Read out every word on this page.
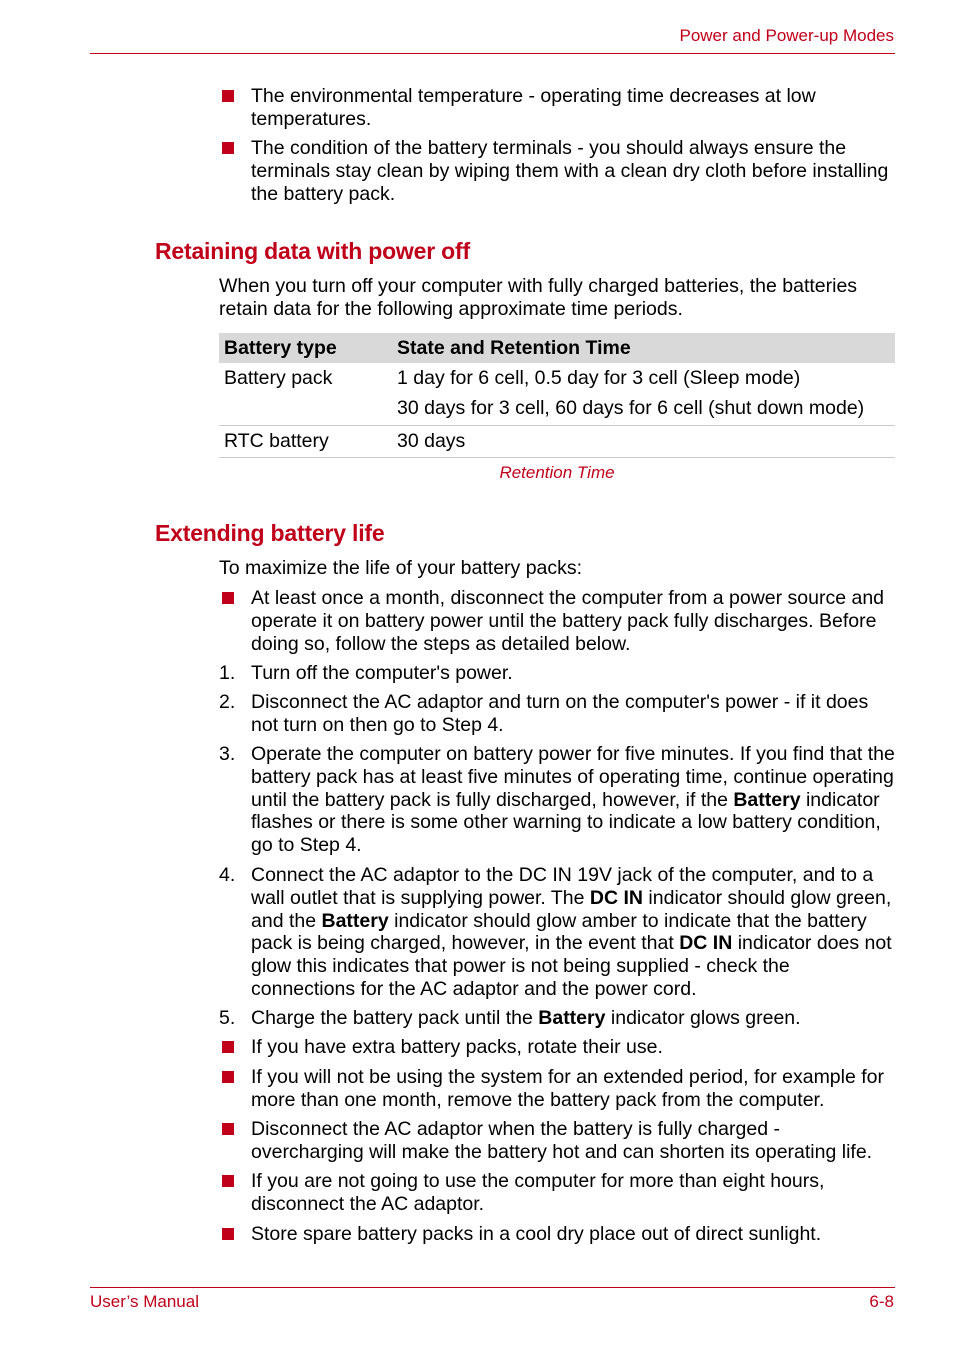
Power and Power-up Modes
The environmental temperature - operating time decreases at low temperatures.
The condition of the battery terminals - you should always ensure the terminals stay clean by wiping them with a clean dry cloth before installing the battery pack.
Retaining data with power off
When you turn off your computer with fully charged batteries, the batteries retain data for the following approximate time periods.
Battery type	State and Retention Time

Battery pack	1 day for 6 cell, 0.5 day for 3 cell (Sleep mode)
30 days for 3 cell, 60 days for 6 cell (shut down mode)

RTC battery	30 days
Retention Time
Extending battery life
To maximize the life of your battery packs:
At least once a month, disconnect the computer from a power source and operate it on battery power until the battery pack fully discharges. Before doing so, follow the steps as detailed below.
1. Turn off the computer's power.
2. Disconnect the AC adaptor and turn on the computer's power - if it does not turn on then go to Step 4.
3. Operate the computer on battery power for five minutes. If you find that the battery pack has at least five minutes of operating time, continue operating until the battery pack is fully discharged, however, if the Battery indicator flashes or there is some other warning to indicate a low battery condition, go to Step 4.
4. Connect the AC adaptor to the DC IN 19V jack of the computer, and to a wall outlet that is supplying power. The DC IN indicator should glow green, and the Battery indicator should glow amber to indicate that the battery pack is being charged, however, in the event that DC IN indicator does not glow this indicates that power is not being supplied - check the connections for the AC adaptor and the power cord.
5. Charge the battery pack until the Battery indicator glows green.
If you have extra battery packs, rotate their use.
If you will not be using the system for an extended period, for example for more than one month, remove the battery pack from the computer.
Disconnect the AC adaptor when the battery is fully charged - overcharging will make the battery hot and can shorten its operating life.
If you are not going to use the computer for more than eight hours, disconnect the AC adaptor.
Store spare battery packs in a cool dry place out of direct sunlight.
User’s Manual	6-8
